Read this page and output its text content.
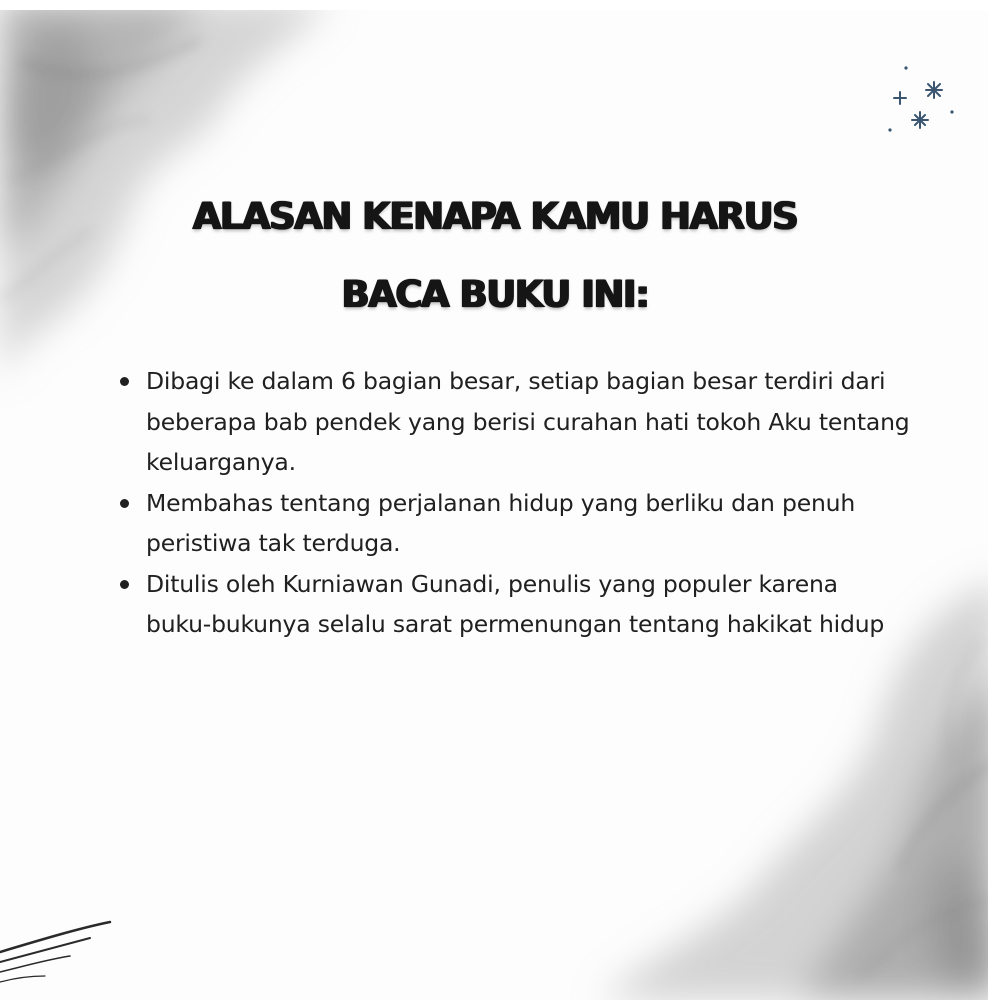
ALASAN KENAPA KAMU HARUS
BACA BUKU INI:
Dibagi ke dalam 6 bagian besar, setiap bagian besar terdiri dari beberapa bab pendek yang berisi curahan hati tokoh Aku tentang keluarganya.
Membahas tentang perjalanan hidup yang berliku dan penuh peristiwa tak terduga.
Ditulis oleh Kurniawan Gunadi, penulis yang populer karena buku-bukunya selalu sarat permenungan tentang hakikat hidup
